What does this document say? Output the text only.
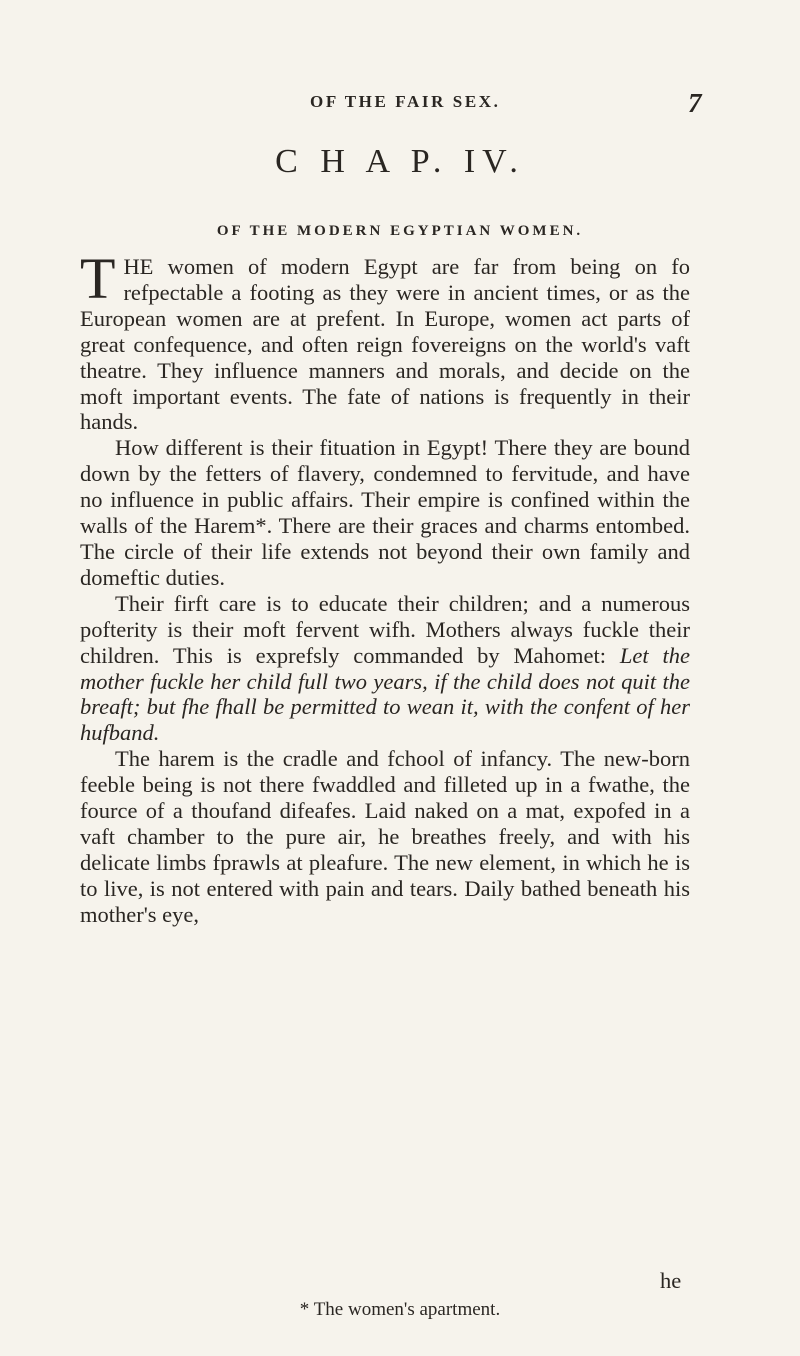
OF THE FAIR SEX.	7
C H A P. IV.
OF THE MODERN EGYPTIAN WOMEN.

THE women of modern Egypt are far from being on fo refpectable a footing as they were in ancient times, or as the European women are at prefent. In Europe, women act parts of great confequence, and often reign fovereigns on the world's vaft theatre. They influence manners and morals, and decide on the moft important events. The fate of nations is frequently in their hands.

How different is their fituation in Egypt! There they are bound down by the fetters of flavery, condemned to fervitude, and have no influence in public affairs. Their empire is confined within the walls of the Harem*. There are their graces and charms entombed. The circle of their life extends not beyond their own family and domeftic duties.

Their firft care is to educate their children; and a numerous pofterity is their moft fervent wifh. Mothers always fuckle their children. This is exprefsly commanded by Mahomet: Let the mother fuckle her child full two years, if the child does not quit the breaft; but fhe fhall be permitted to wean it, with the confent of her hufband.

The harem is the cradle and fchool of infancy. The new-born feeble being is not there fwaddled and filleted up in a fwathe, the fource of a thoufand difeafes. Laid naked on a mat, expofed in a vaft chamber to the pure air, he breathes freely, and with his delicate limbs fprawls at pleafure. The new element, in which he is to live, is not entered with pain and tears. Daily bathed beneath his mother's eye,

he
* The women's apartment.
